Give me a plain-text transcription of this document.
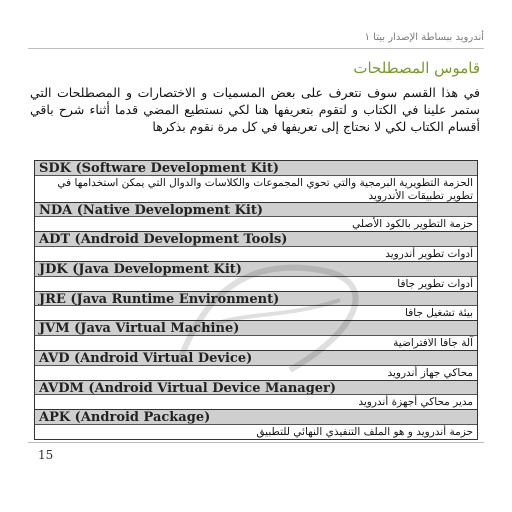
أندرويد ببساطة الإصدار بيتا ١
قاموس المصطلحات
في هذا القسم سوف نتعرف على بعض المسميات و الاختصارات و المصطلحات التي ستمر علينا في الكتاب و لتقوم بتعريفها هنا لكي نستطيع المضي قدما أثناء شرح باقي أقسام الكتاب لكي لا نحتاج إلى تعريفها في كل مرة نقوم بذكرها
SDK (Software Development Kit)
الحزمة التطويرية البرمجية والتي تحوي المجموعات والكلاسات والدوال التي يمكن استخدامها في تطوير تطبيقات الأندرويد
NDA (Native Development Kit)
حزمة التطوير بالكود الأصلي
ADT (Android Development Tools)
أدوات تطوير أندرويد
JDK (Java Development Kit)
أدوات تطوير جافا
JRE (Java Runtime Environment)
بيئة تشغيل جافا
JVM (Java Virtual Machine)
آلة جافا الافتراضية
AVD (Android Virtual Device)
محاكي جهاز أندرويد
AVDM (Android Virtual Device Manager)
مدير محاكي أجهزة أندرويد
APK (Android Package)
حزمة أندرويد و هو الملف التنفيذي النهائي للتطبيق
15
